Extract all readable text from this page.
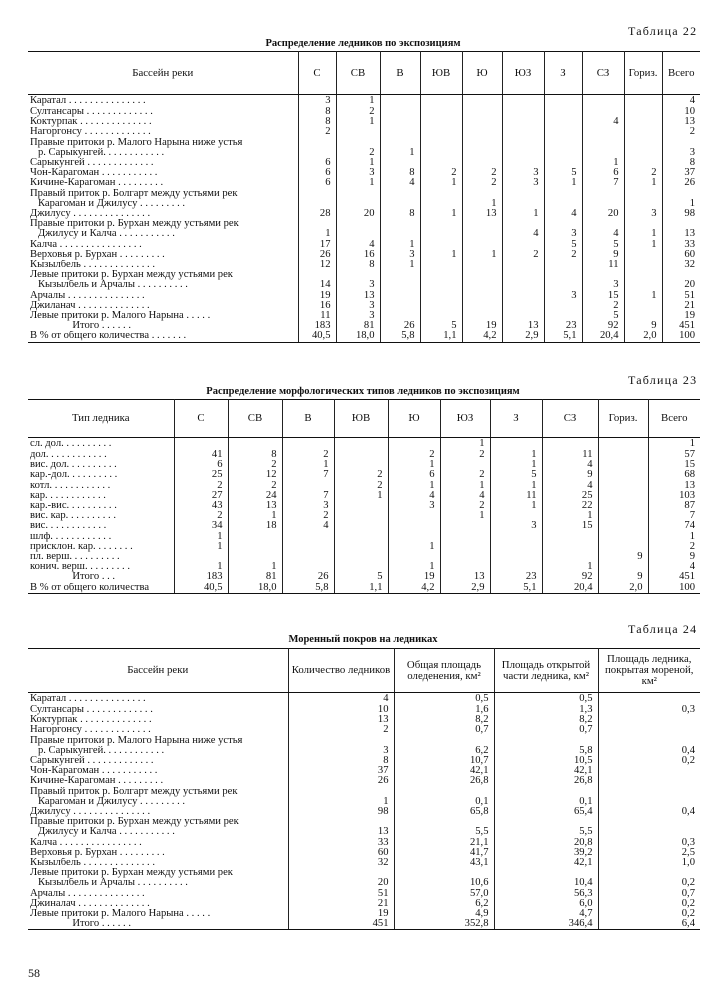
Таблица 22
Распределение ледников по экспозициям
Бассейн реки	С	СВ	В	ЮВ	Ю	ЮЗ	З	СЗ	Гориз.	Всего
Каратал . . . . . . . . . . . . . . .	3	1								4
Султансары . . . . . . . . . . . . .	8	2								10
Коктурпак . . . . . . . . . . . . . .	8	1						4		13
Нагоргонсу . . . . . . . . . . . . .	2									2
Правые притоки р. Малого Нарына ниже устья										
р. Сарыкунгей. . . . . . . . . . . .		2	1							3
Сарыкунгей . . . . . . . . . . . . .	6	1						1		8
Чон-Карагоман . . . . . . . . . . .	6	3	8	2	2	3	5	6	2	37
Кичине-Карагоман . . . . . . . . .	6	1	4	1	2	3	1	7	1	26
Правый приток р. Болгарт между устьями рек										
Карагоман и Джилусу . . . . . . . . .					1					1
Джилусу . . . . . . . . . . . . . . .	28	20	8	1	13	1	4	20	3	98
Правые притоки р. Бурхан между устьями рек										
Джилусу и Калча . . . . . . . . . . .	1					4	3	4	1	13
Калча . . . . . . . . . . . . . . . .	17	4	1				5	5	1	33
Верховья р. Бурхан . . . . . . . . .	26	16	3	1	1	2	2	9		60
Кызылбель . . . . . . . . . . . . . .	12	8	1					11		32
Левые притоки р. Бурхан между устьями рек										
Кызылбель и Арчалы . . . . . . . . . .	14	3						3		20
Арчалы . . . . . . . . . . . . . . .	19	13					3	15	1	51
Джиланач . . . . . . . . . . . . . .	16	3						2		21
Левые притоки р. Малого Нарына . . . . .	11	3						5		19
Итого . . . . . .	183	81	26	5	19	13	23	92	9	451
В % от общего количества . . . . . . .	40,5	18,0	5,8	1,1	4,2	2,9	5,1	20,4	2,0	100
Таблица 23
Распределение морфологических типов ледников по экспозициям
Тип ледника	С	СВ	В	ЮВ	Ю	ЮЗ	З	СЗ	Гориз.	Всего
сл. дол. . . . . . . . . .						1				1
дол. . . . . . . . . . . .	41	8	2		2	2	1	11		57
вис. дол. . . . . . . . . .	6	2	1		1		1	4		15
кар.-дол. . . . . . . . . .	25	12	7	2	6	2	5	9		68
котл. . . . . . . . . . . .	2	2		2	1	1	1	4		13
кар. . . . . . . . . . . .	27	24	7	1	4	4	11	25		103
кар.-вис. . . . . . . . . .	43	13	3		3	2	1	22		87
вис. кар. . . . . . . . . .	2	1	2			1		1		7
вис. . . . . . . . . . . .	34	18	4				3	15		74
шлф. . . . . . . . . . . .	1									1
присклон. кар. . . . . . . .	1				1					2
пл. верш. . . . . . . . . .									9	9
конич. верш. . . . . . . . .	1	1			1			1		4
Итого . . .	183	81	26	5	19	13	23	92	9	451
В % от общего количества	40,5	18,0	5,8	1,1	4,2	2,9	5,1	20,4	2,0	100
Таблица 24
Моренный покров на ледниках
Бассейн реки	Количество ледников	Общая площадь оледенения, км²	Площадь открытой части ледника, км²	Площадь ледника, покрытая мореной, км²
Каратал . . . . . . . . . . . . . . .	4	0,5	0,5	
Султансары . . . . . . . . . . . . .	10	1,6	1,3	0,3
Коктурпак . . . . . . . . . . . . . .	13	8,2	8,2	
Нагоргонсу . . . . . . . . . . . . .	2	0,7	0,7	
Правые притоки р. Малого Нарына ниже устья				
р. Сарыкунгей. . . . . . . . . . . .	3	6,2	5,8	0,4
Сарыкунгей . . . . . . . . . . . . .	8	10,7	10,5	0,2
Чон-Карагоман . . . . . . . . . . .	37	42,1	42,1	
Кичине-Карагоман . . . . . . . . .	26	26,8	26,8	
Правый приток р. Болгарт между устьями рек				
Карагоман и Джилусу . . . . . . . . .	1	0,1	0,1	
Джилусу . . . . . . . . . . . . . . .	98	65,8	65,4	0,4
Правые притоки р. Бурхан между устьями рек				
Джилусу и Калча . . . . . . . . . . .	13	5,5	5,5	
Калча . . . . . . . . . . . . . . . .	33	21,1	20,8	0,3
Верховья р. Бурхан . . . . . . . . .	60	41,7	39,2	2,5
Кызылбель . . . . . . . . . . . . . .	32	43,1	42,1	1,0
Левые притоки р. Бурхан между устьями рек				
Кызылбель и Арчалы . . . . . . . . . .	20	10,6	10,4	0,2
Арчалы . . . . . . . . . . . . . . .	51	57,0	56,3	0,7
Джиналач . . . . . . . . . . . . . .	21	6,2	6,0	0,2
Левые притоки р. Малого Нарына . . . . .	19	4,9	4,7	0,2
Итого . . . . . .	451	352,8	346,4	6,4
58
